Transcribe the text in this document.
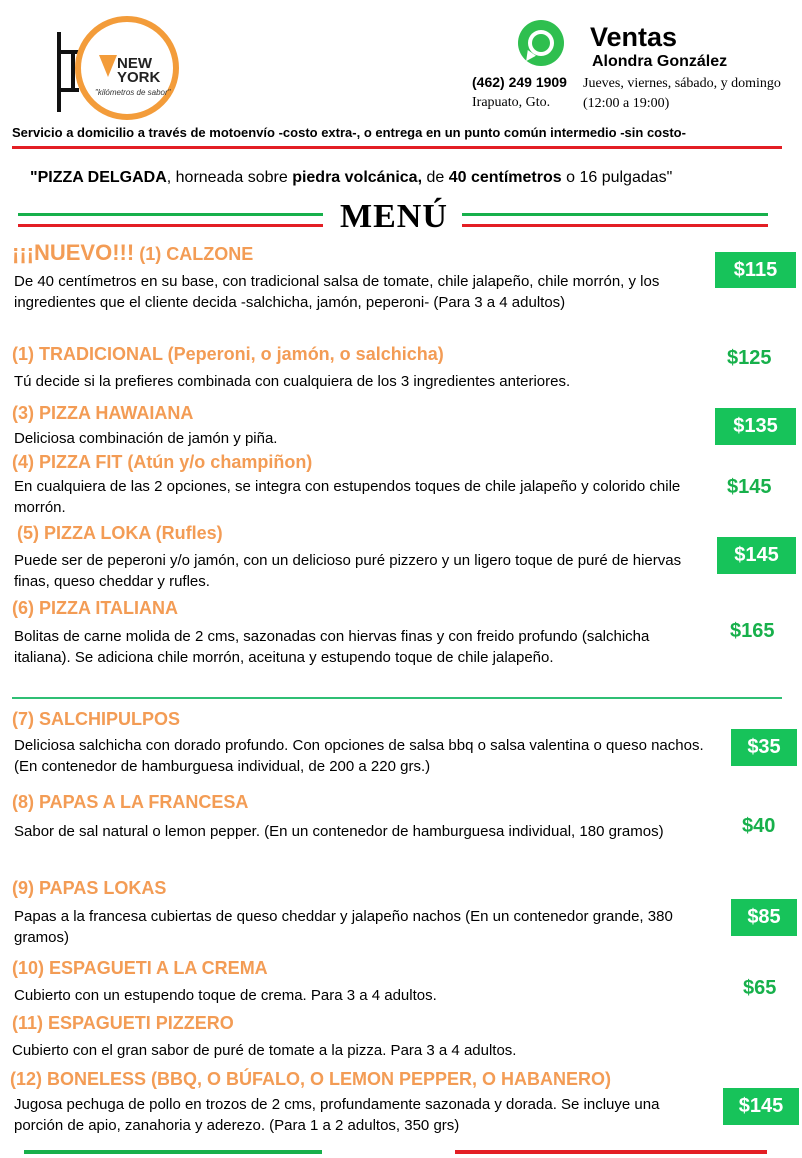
NEW
YORK
"kilómetros de sabor"
Ventas
Alondra González
(462) 249 1909
Irapuato, Gto.
Jueves, viernes, sábado, y domingo (12:00 a 19:00)
Servicio a domicilio a través de motoenvío -costo extra-, o entrega en un punto común intermedio -sin costo-
"PIZZA DELGADA, horneada sobre piedra volcánica, de 40 centímetros o 16 pulgadas"
MENÚ
¡¡¡NUEVO!!! (1) CALZONE
De 40 centímetros en su base, con tradicional salsa de tomate, chile jalapeño, chile morrón, y los ingredientes que el cliente decida -salchicha, jamón, peperoni- (Para 3 a 4 adultos)
$115
(1) TRADICIONAL (Peperoni, o jamón, o salchicha)
Tú decide si la prefieres combinada con cualquiera de los 3 ingredientes anteriores.
$125
(3) PIZZA HAWAIANA
Deliciosa combinación de jamón y piña.
$135
(4) PIZZA FIT (Atún y/o champiñon)
En cualquiera de las 2 opciones, se integra con estupendos toques de chile jalapeño y colorido chile morrón.
$145
(5) PIZZA LOKA (Rufles)
Puede ser de peperoni y/o jamón, con un delicioso puré pizzero y un ligero toque de puré de hiervas finas, queso cheddar y rufles.
$145
(6) PIZZA ITALIANA
Bolitas de carne molida de 2 cms, sazonadas con hiervas finas y con freido profundo (salchicha italiana). Se adiciona chile morrón, aceituna y estupendo toque de chile jalapeño.
$165
(7) SALCHIPULPOS
Deliciosa salchicha con dorado profundo. Con opciones de salsa bbq o salsa valentina o queso nachos. (En contenedor de hamburguesa individual, de 200 a 220 grs.)
$35
(8) PAPAS A LA FRANCESA
Sabor de sal natural o lemon pepper. (En un contenedor de hamburguesa individual, 180 gramos)	$40
(9) PAPAS LOKAS
Papas a la francesa cubiertas de queso cheddar y jalapeño nachos (En un contenedor grande, 380 gramos)
$85
(10) ESPAGUETI A LA CREMA
Cubierto con un estupendo toque de crema. Para 3 a 4 adultos.	$65
(11) ESPAGUETI PIZZERO
Cubierto con el gran sabor de puré de tomate a la pizza. Para 3 a 4 adultos.
(12) BONELESS (BBQ, O BÚFALO, O LEMON PEPPER, O HABANERO)
Jugosa pechuga de pollo en trozos de 2 cms, profundamente sazonada y dorada. Se incluye una porción de apio, zanahoria y aderezo. (Para 1 a 2 adultos, 350 grs)
$145
